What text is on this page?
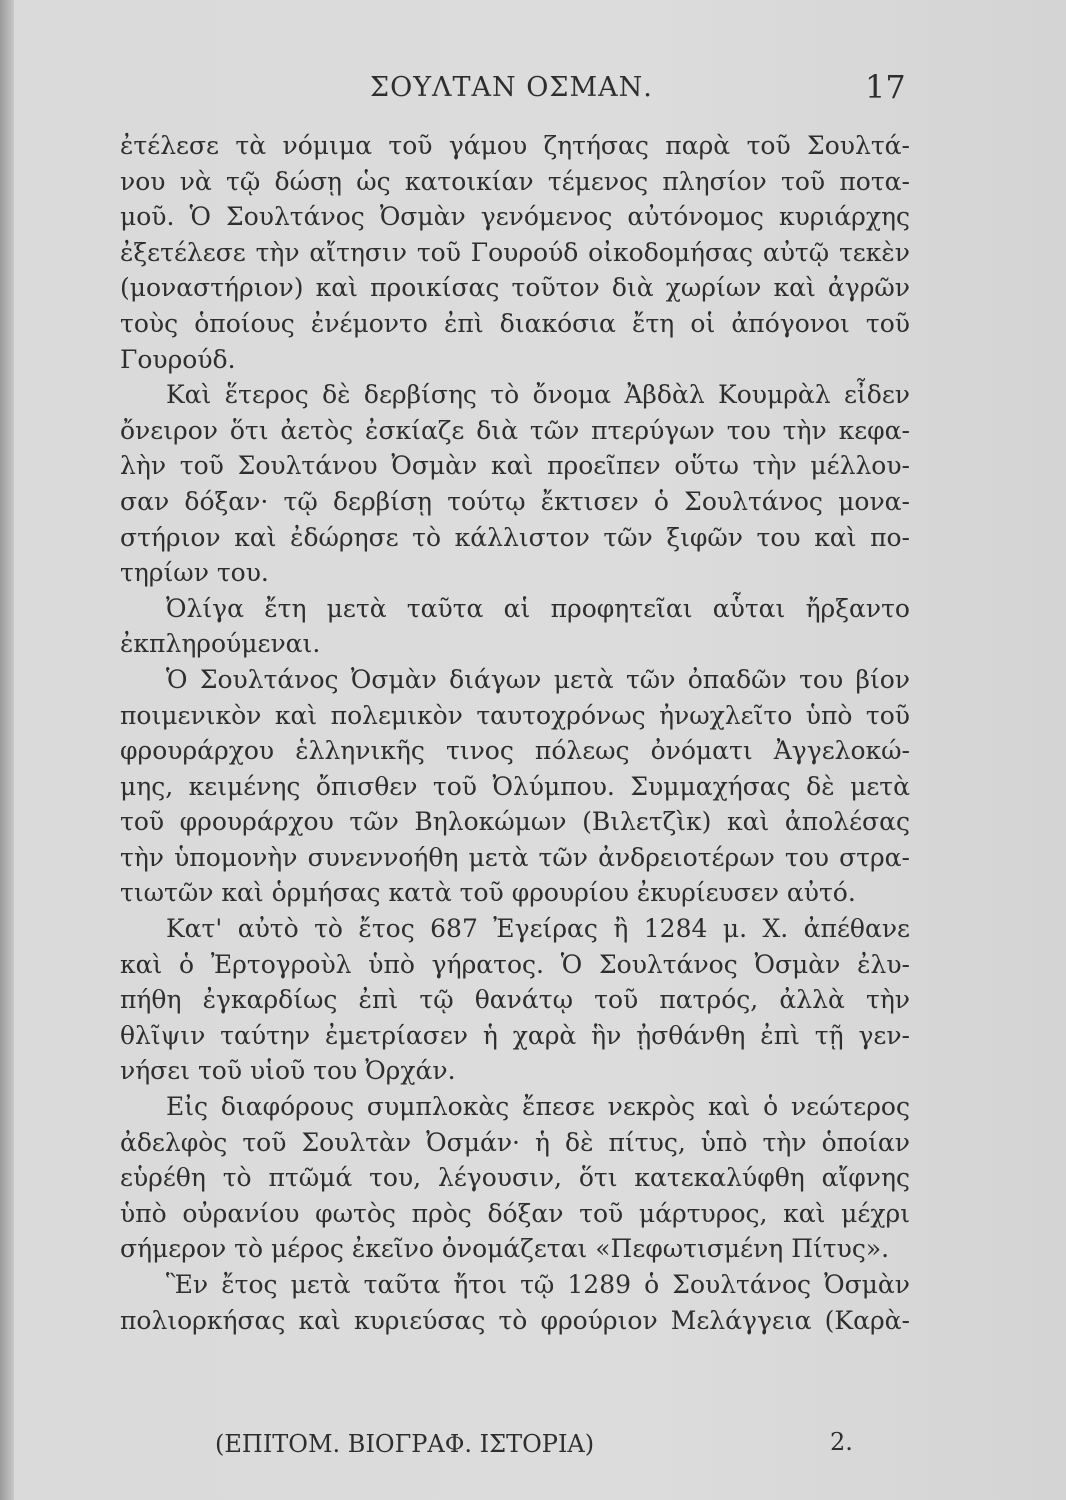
ΣΟΥΛΤΑΝ ΟΣΜΑΝ.	17
ἐτέλεσε τὰ νόμιμα τοῦ γάμου ζητήσας παρὰ τοῦ Σουλτά-
νου νὰ τῷ δώσῃ ὡς κατοικίαν τέμενος πλησίον τοῦ ποτα-
μοῦ. Ὁ Σουλτάνος Ὀσμὰν γενόμενος αὐτόνομος κυριάρχης
ἐξετέλεσε τὴν αἴτησιν τοῦ Γουρούδ οἰκοδομήσας αὐτῷ τεκὲν
(μοναστήριον) καὶ προικίσας τοῦτον διὰ χωρίων καὶ ἀγρῶν
τοὺς ὁποίους ἐνέμοντο ἐπὶ διακόσια ἔτη οἱ ἀπόγονοι τοῦ
Γουρούδ.
Καὶ ἕτερος δὲ δερβίσης τὸ ὄνομα Ἀβδὰλ Κουμρὰλ εἶδεν
ὄνειρον ὅτι ἀετὸς ἐσκίαζε διὰ τῶν πτερύγων του τὴν κεφα-
λὴν τοῦ Σουλτάνου Ὀσμὰν καὶ προεῖπεν οὕτω τὴν μέλλου-
σαν δόξαν· τῷ δερβίσῃ τούτῳ ἔκτισεν ὁ Σουλτάνος μονα-
στήριον καὶ ἐδώρησε τὸ κάλλιστον τῶν ξιφῶν του καὶ πο-
τηρίων του.
Ὀλίγα ἔτη μετὰ ταῦτα αἱ προφητεῖαι αὗται ἤρξαντο
ἐκπληρούμεναι.
Ὁ Σουλτάνος Ὀσμὰν διάγων μετὰ τῶν ὀπαδῶν του βίον
ποιμενικὸν καὶ πολεμικὸν ταυτοχρόνως ἠνωχλεῖτο ὑπὸ τοῦ
φρουράρχου ἑλληνικῆς τινος πόλεως ὀνόματι Ἀγγελοκώ-
μης, κειμένης ὄπισθεν τοῦ Ὀλύμπου. Συμμαχήσας δὲ μετὰ
τοῦ φρουράρχου τῶν Βηλοκώμων (Βιλετζὶκ) καὶ ἀπολέσας
τὴν ὑπομονὴν συνεννοήθη μετὰ τῶν ἀνδρειοτέρων του στρα-
τιωτῶν καὶ ὁρμήσας κατὰ τοῦ φρουρίου ἐκυρίευσεν αὐτό.
Κατ' αὐτὸ τὸ ἔτος 687 Ἐγείρας ἢ 1284 μ. Χ. ἀπέθανε
καὶ ὁ Ἐρτογροὺλ ὑπὸ γήρατος. Ὁ Σουλτάνος Ὀσμὰν ἐλυ-
πήθη ἐγκαρδίως ἐπὶ τῷ θανάτῳ τοῦ πατρός, ἀλλὰ τὴν
θλῖψιν ταύτην ἐμετρίασεν ἡ χαρὰ ἣν ᾐσθάνθη ἐπὶ τῇ γεν-
νήσει τοῦ υἱοῦ του Ὀρχάν.
Εἰς διαφόρους συμπλοκὰς ἔπεσε νεκρὸς καὶ ὁ νεώτερος
ἀδελφὸς τοῦ Σουλτὰν Ὀσμάν· ἡ δὲ πίτυς, ὑπὸ τὴν ὁποίαν
εὑρέθη τὸ πτῶμά του, λέγουσιν, ὅτι κατεκαλύφθη αἴφνης
ὑπὸ οὐρανίου φωτὸς πρὸς δόξαν τοῦ μάρτυρος, καὶ μέχρι
σήμερον τὸ μέρος ἐκεῖνο ὀνομάζεται «Πεφωτισμένη Πίτυς».
Ἓν ἔτος μετὰ ταῦτα ἤτοι τῷ 1289 ὁ Σουλτάνος Ὀσμὰν
πολιορκήσας καὶ κυριεύσας τὸ φρούριον Μελάγγεια (Καρὰ-
(ΕΠΙΤΟΜ. ΒΙΟΓΡΑΦ. ΙΣΤΟΡΙΑ)	2.
